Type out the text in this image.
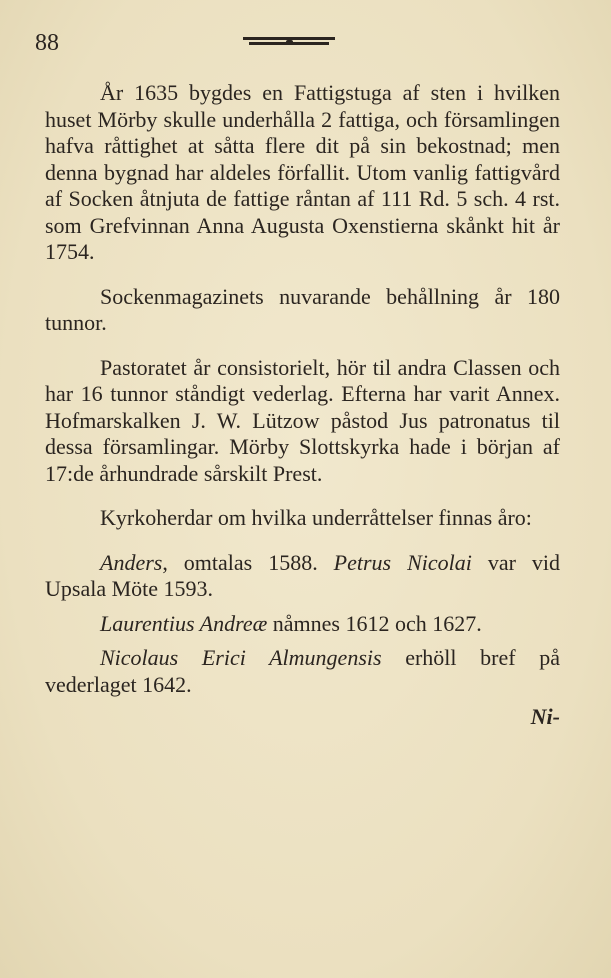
88

År 1635 bygdes en Fattigstuga af sten i hvilken huset Mörby skulle underhålla 2 fattiga, och församlingen hafva råttighet at såtta flere dit på sin bekostnad; men denna bygnad har aldeles förfallit. Utom vanlig fattigvård af Socken åtnjuta de fattige råntan af 111 Rd. 5 sch. 4 rst. som Grefvinnan Anna Augusta Oxenstierna skånkt hit år 1754.

Sockenmagazinets nuvarande behållning år 180 tunnor.

Pastoratet år consistorielt, hör til andra Classen och har 16 tunnor ståndigt vederlag. Efterna har varit Annex. Hofmarskalken J. W. Lützow påstod Jus patronatus til dessa församlingar. Mörby Slottskyrka hade i början af 17:de århundrade sårskilt Prest.

Kyrkoherdar om hvilka underråttelser finnas åro:

Anders, omtalas 1588. Petrus Nicolai var vid Upsala Möte 1593.

Laurentius Andreæ nåmnes 1612 och 1627.

Nicolaus Erici Almungensis erhöll bref på vederlaget 1642.

Ni-
